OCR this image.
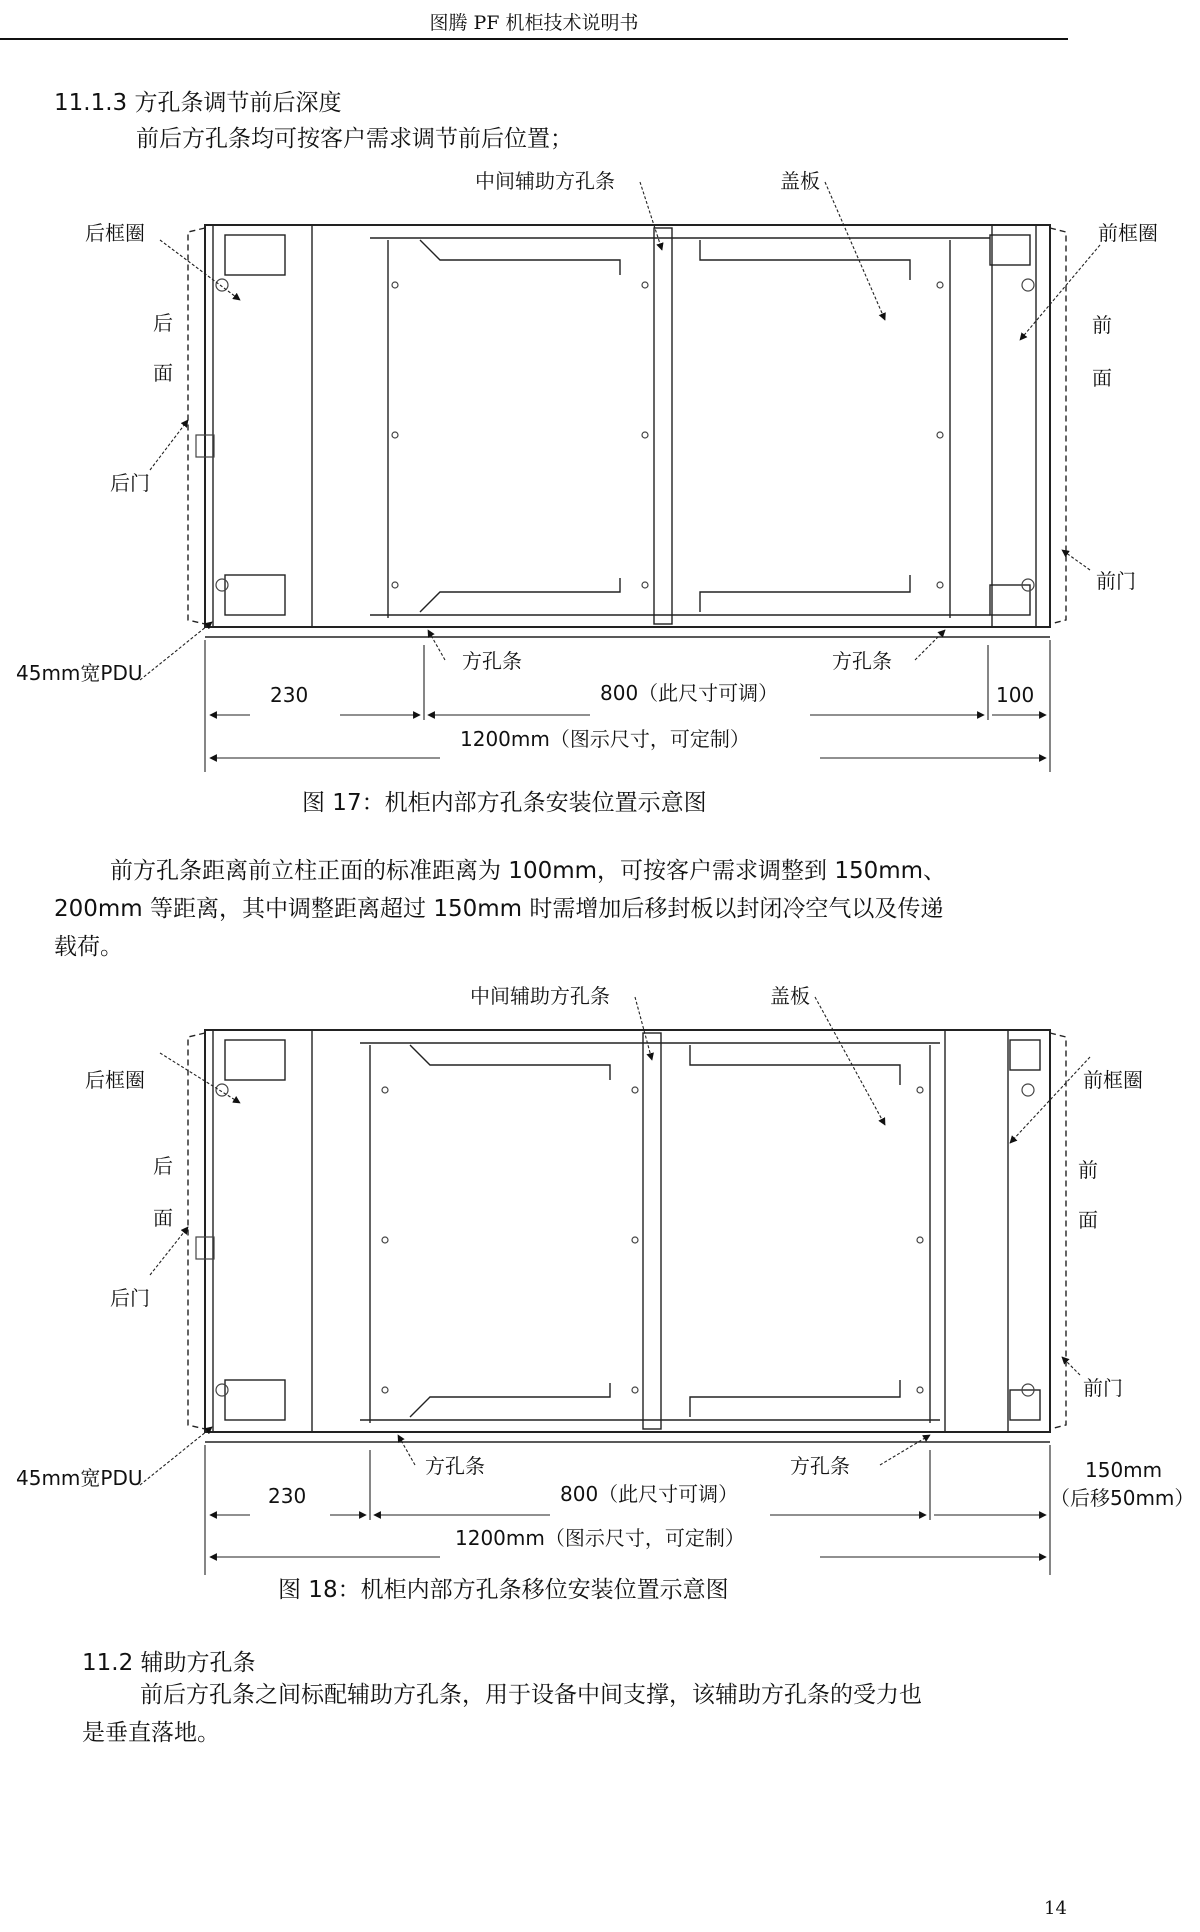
图腾 PF 机柜技术说明书
11.1.3 方孔条调节前后深度
前后方孔条均可按客户需求调节前后位置；
中间辅助方孔条	盖板
后框圈	前框圈
后
面
前
面
后门
前门
45mm宽PDU	方孔条	方孔条
230	800（此尺寸可调）	100
1200mm（图示尺寸，可定制）
图 17：机柜内部方孔条安装位置示意图
前方孔条距离前立柱正面的标准距离为 100mm，可按客户需求调整到 150mm、
200mm 等距离，其中调整距离超过 150mm 时需增加后移封板以封闭冷空气以及传递
载荷。
中间辅助方孔条	盖板
后框圈	前框圈
后
面
前
面
后门
前门
45mm宽PDU	方孔条	方孔条
230	800（此尺寸可调）
150mm
（后移50mm）
1200mm（图示尺寸，可定制）
图 18：机柜内部方孔条移位安装位置示意图
11.2 辅助方孔条
前后方孔条之间标配辅助方孔条，用于设备中间支撑，该辅助方孔条的受力也
是垂直落地。
14
